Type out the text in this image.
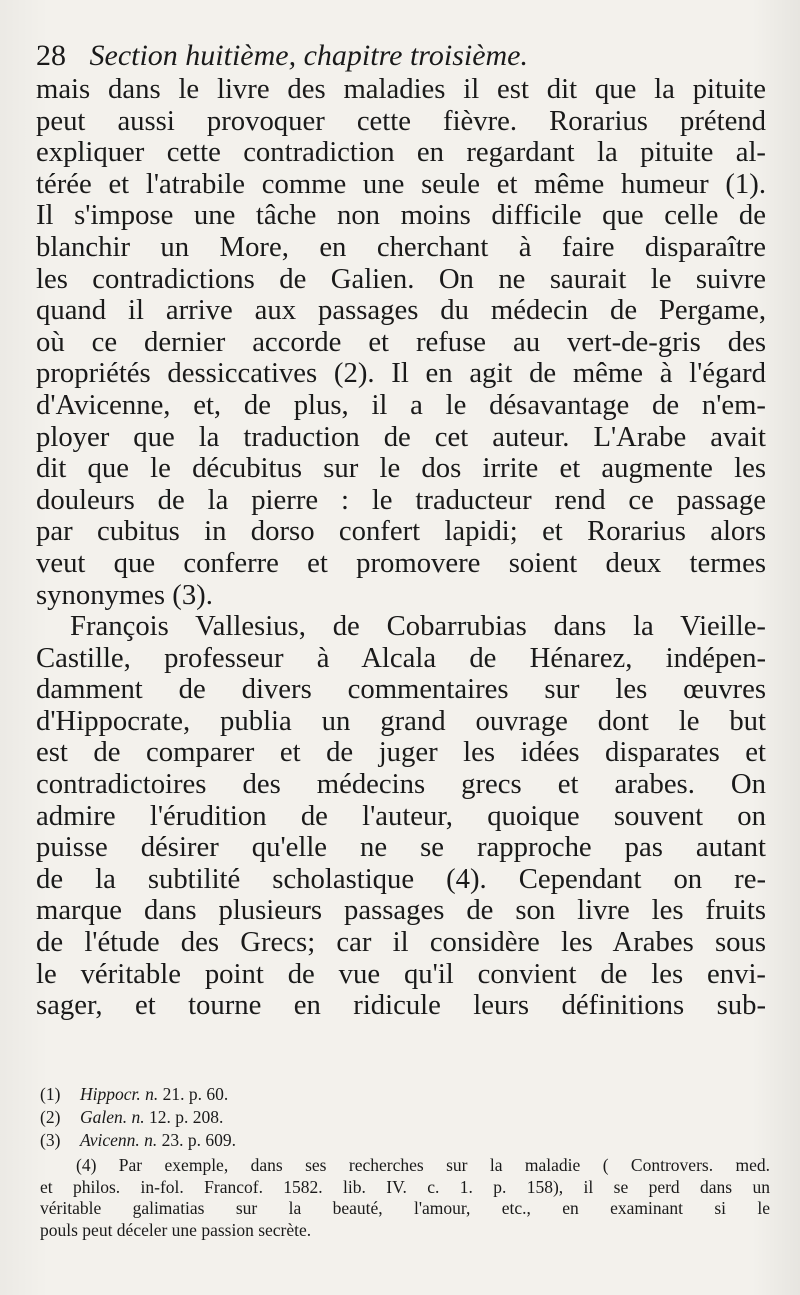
28 Section huitième, chapitre troisième.
mais dans le livre des maladies il est dit que la pituite
peut aussi provoquer cette fièvre. Rorarius prétend
expliquer cette contradiction en regardant la pituite al-
térée et l'atrabile comme une seule et même humeur (1).
Il s'impose une tâche non moins difficile que celle de
blanchir un More, en cherchant à faire disparaître
les contradictions de Galien. On ne saurait le suivre
quand il arrive aux passages du médecin de Pergame,
où ce dernier accorde et refuse au vert-de-gris des
propriétés dessiccatives (2). Il en agit de même à l'égard
d'Avicenne, et, de plus, il a le désavantage de n'em-
ployer que la traduction de cet auteur. L'Arabe avait
dit que le décubitus sur le dos irrite et augmente les
douleurs de la pierre : le traducteur rend ce passage
par cubitus in dorso confert lapidi; et Rorarius alors
veut que conferre et promovere soient deux termes
synonymes (3).
François Vallesius, de Cobarrubias dans la Vieille-
Castille, professeur à Alcala de Hénarez, indépen-
damment de divers commentaires sur les œuvres
d'Hippocrate, publia un grand ouvrage dont le but
est de comparer et de juger les idées disparates et
contradictoires des médecins grecs et arabes. On
admire l'érudition de l'auteur, quoique souvent on
puisse désirer qu'elle ne se rapproche pas autant
de la subtilité scholastique (4). Cependant on re-
marque dans plusieurs passages de son livre les fruits
de l'étude des Grecs; car il considère les Arabes sous
le véritable point de vue qu'il convient de les envi-
sager, et tourne en ridicule leurs définitions sub-
(1) Hippocr. n. 21. p. 60.
(2) Galen. n. 12. p. 208.
(3) Avicenn. n. 23. p. 609.
(4) Par exemple, dans ses recherches sur la maladie ( Controvers. med.
et philos. in-fol. Francof. 1582. lib. IV. c. 1. p. 158), il se perd dans un
véritable galimatias sur la beauté, l'amour, etc., en examinant si le
pouls peut déceler une passion secrète.
